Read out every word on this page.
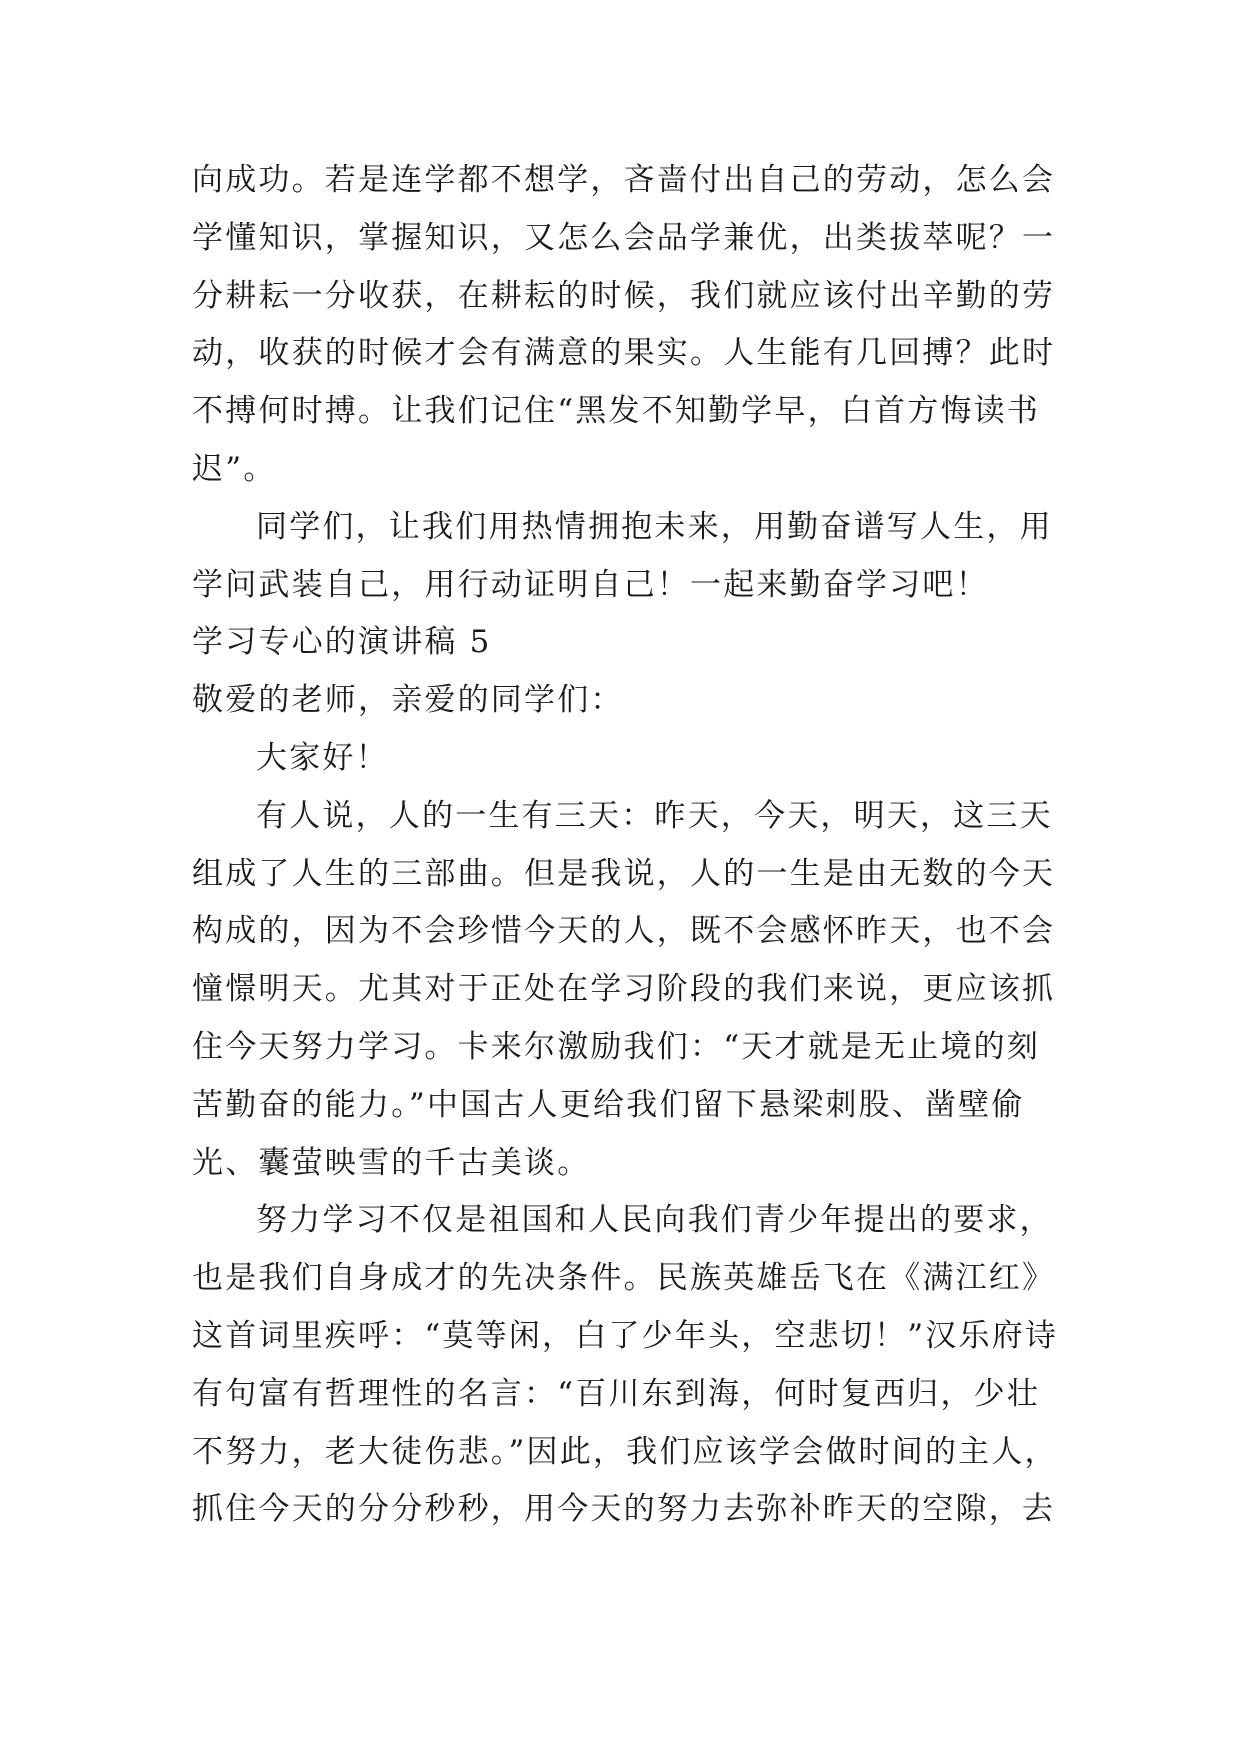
向成功。若是连学都不想学，吝啬付出自己的劳动，怎么会
学懂知识，掌握知识，又怎么会品学兼优，出类拔萃呢？一
分耕耘一分收获，在耕耘的时候，我们就应该付出辛勤的劳
动，收获的时候才会有满意的果实。人生能有几回搏？此时
不搏何时搏。让我们记住“黑发不知勤学早，白首方悔读书
迟”。
同学们，让我们用热情拥抱未来，用勤奋谱写人生，用
学问武装自己，用行动证明自己！一起来勤奋学习吧！
学习专心的演讲稿 5
敬爱的老师，亲爱的同学们：
大家好！
有人说，人的一生有三天：昨天，今天，明天，这三天
组成了人生的三部曲。但是我说，人的一生是由无数的今天
构成的，因为不会珍惜今天的人，既不会感怀昨天，也不会
憧憬明天。尤其对于正处在学习阶段的我们来说，更应该抓
住今天努力学习。卡来尔激励我们：“天才就是无止境的刻
苦勤奋的能力。”中国古人更给我们留下悬梁刺股、凿壁偷
光、囊萤映雪的千古美谈。
努力学习不仅是祖国和人民向我们青少年提出的要求，
也是我们自身成才的先决条件。民族英雄岳飞在《满江红》
这首词里疾呼：“莫等闲，白了少年头，空悲切！”汉乐府诗
有句富有哲理性的名言：“百川东到海，何时复西归，少壮
不努力，老大徒伤悲。”因此，我们应该学会做时间的主人，
抓住今天的分分秒秒，用今天的努力去弥补昨天的空隙，去
